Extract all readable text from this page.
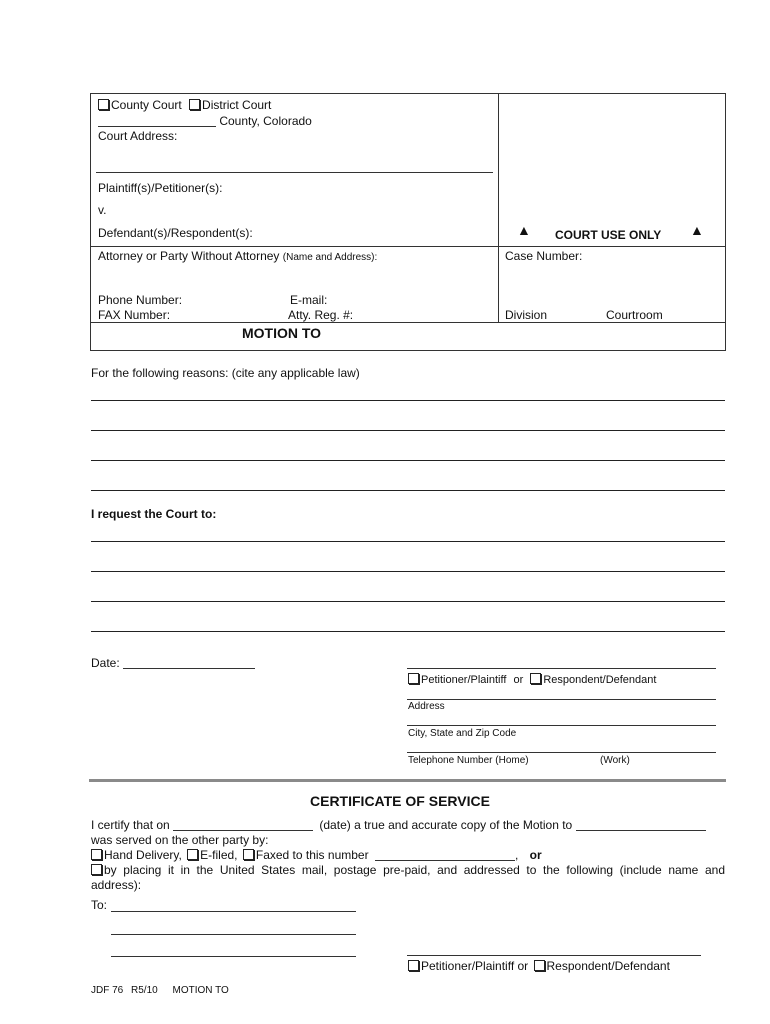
County Court District Court
County, Colorado
Court Address:
Plaintiff(s)/Petitioner(s):
v.
Defendant(s)/Respondent(s):	▲ COURT USE ONLY ▲
Attorney or Party Without Attorney (Name and Address):	Case Number:
Phone Number:	E-mail:
FAX Number:	Atty. Reg. #:	Division	Courtroom
MOTION TO
For the following reasons: (cite any applicable law)
I request the Court to:
Date:
Petitioner/Plaintiff or Respondent/Defendant
Address
City, State and Zip Code
Telephone Number (Home)	(Work)
CERTIFICATE OF SERVICE
I certify that on	(date) a true and accurate copy of the Motion to
was served on the other party by:
Hand Delivery, E-filed, Faxed to this number	, or
by placing it in the United States mail, postage pre-paid, and addressed to the following (include name and
address):
To:
Petitioner/Plaintiff or Respondent/Defendant
JDF 76 R5/10 MOTION TO
